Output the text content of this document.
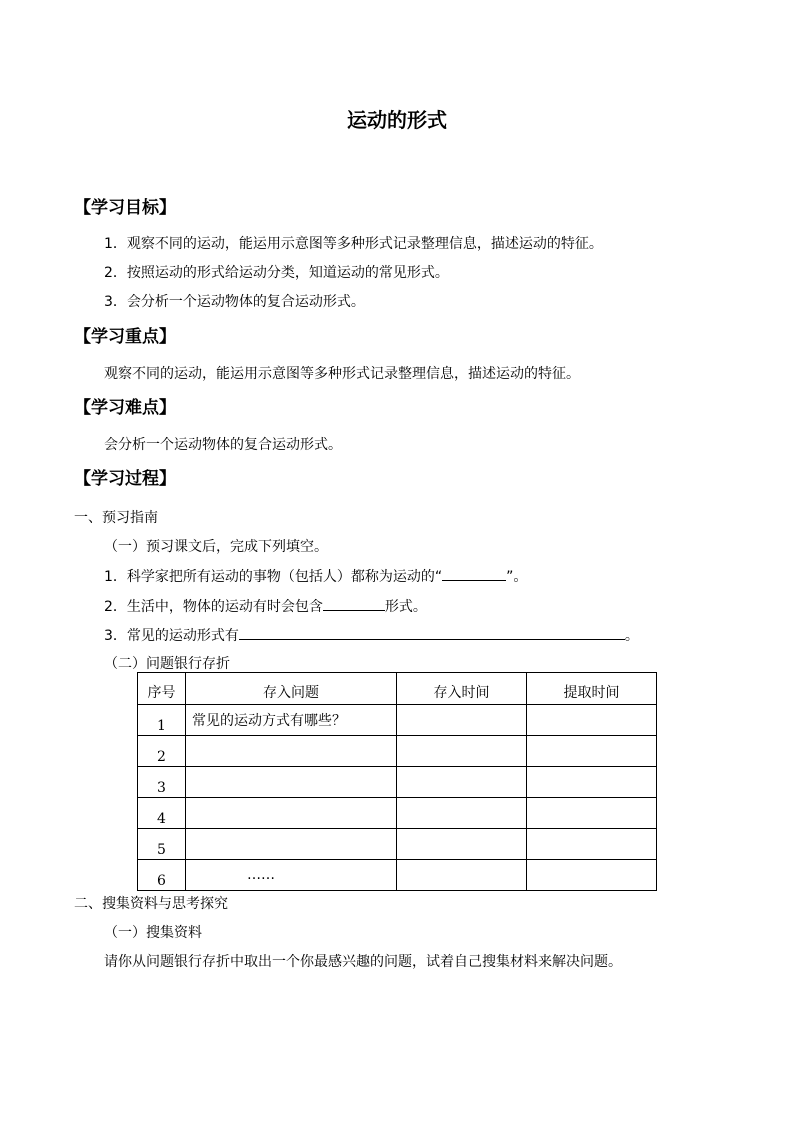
运动的形式
【学习目标】
1．观察不同的运动，能运用示意图等多种形式记录整理信息，描述运动的特征。
2．按照运动的形式给运动分类，知道运动的常见形式。
3．会分析一个运动物体的复合运动形式。
【学习重点】
观察不同的运动，能运用示意图等多种形式记录整理信息，描述运动的特征。
【学习难点】
会分析一个运动物体的复合运动形式。
【学习过程】
一、预习指南
（一）预习课文后，完成下列填空。
1．科学家把所有运动的事物（包括人）都称为运动的“	”。
2．生活中，物体的运动有时会包含	形式。
3．常见的运动形式有	。
（二）问题银行存折
序号	存入问题	存入时间	提取时间
1	常见的运动方式有哪些？		
2			
3			
4			
5			
6	……		
二、搜集资料与思考探究
（一）搜集资料
请你从问题银行存折中取出一个你最感兴趣的问题，试着自己搜集材料来解决问题。
